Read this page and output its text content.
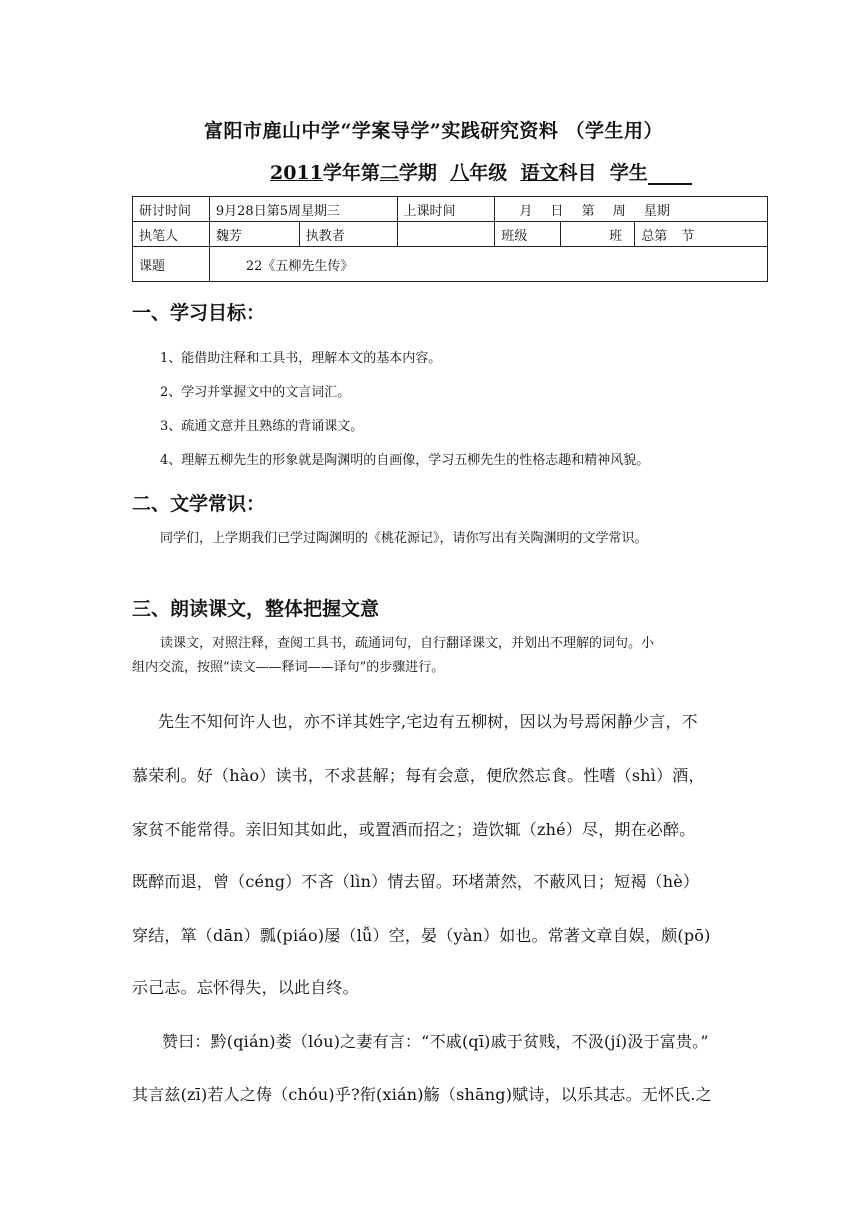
富阳市鹿山中学“学案导学”实践研究资料 （学生用）
2011学年第二学期 八年级 语文科目 学生
研讨时间	9月28日第5周星期三		上课时间	月 日 第 周 星期		
执笔人	魏芳	执教者		班级	班	总第 节
课题	22《五柳先生传》					
一、学习目标：
1、能借助注释和工具书，理解本文的基本内容。
2、学习并掌握文中的文言词汇。
3、疏通文意并且熟练的背诵课文。
4、理解五柳先生的形象就是陶渊明的自画像，学习五柳先生的性格志趣和精神风貌。
二、文学常识：
同学们，上学期我们已学过陶渊明的《桃花源记》，请你写出有关陶渊明的文学常识。
三、朗读课文，整体把握文意
读课文，对照注释，查阅工具书，疏通词句，自行翻译课文，并划出不理解的词句。小
组内交流，按照“读文——释词——译句”的步骤进行。
先生不知何许人也，亦不详其姓字,宅边有五柳树，因以为号焉闲静少言，不
慕荣利。好（hào）读书，不求甚解；每有会意，便欣然忘食。性嗜（shì）酒，
家贫不能常得。亲旧知其如此，或置酒而招之；造饮辄（zhé）尽，期在必醉。
既醉而退，曾（céng）不吝（lìn）情去留。环堵萧然，不蔽风日；短褐（hè）
穿结，箪（dān）瓢(piáo)屡（lǚ）空，晏（yàn）如也。常著文章自娱，颇(pō)
示己志。忘怀得失，以此自终。
赞曰：黔(qián)娄（lóu)之妻有言：“不戚(qī)戚于贫贱，不汲(jí)汲于富贵。”
其言兹(zī)若人之俦（chóu)乎?衔(xián)觞（shāng)赋诗，以乐其志。无怀氏.之
